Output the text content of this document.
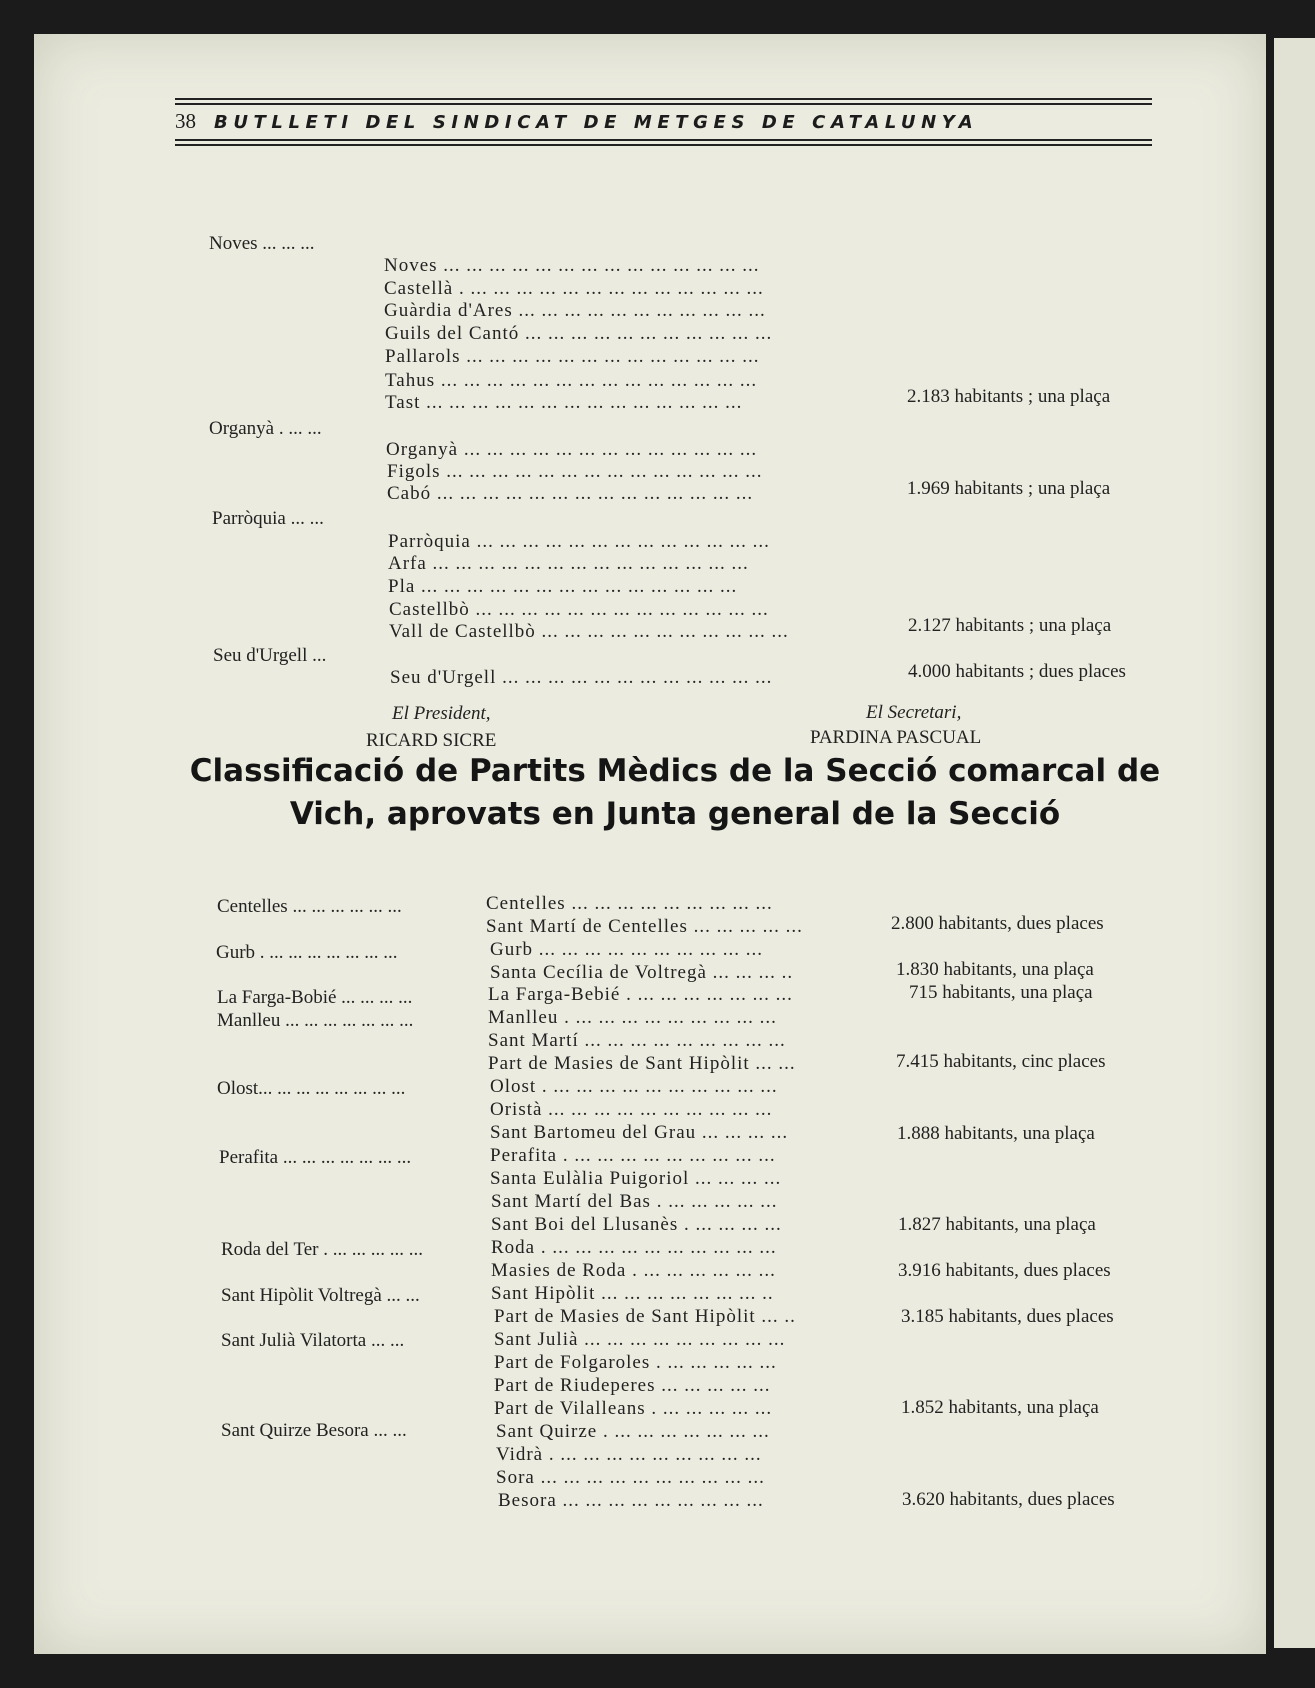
38 BUTLLETI DEL SINDICAT DE METGES DE CATALUNYA
Noves ... ... ...
Organyà . ... ...
Parròquia ... ...
Seu d'Urgell ...
Noves ... ... ... ... ... ... ... ... ... ... ... ... ... ...
Castellà . ... ... ... ... ... ... ... ... ... ... ... ... ...
Guàrdia d'Ares ... ... ... ... ... ... ... ... ... ... ...
Guils del Cantó ... ... ... ... ... ... ... ... ... ... ...
Pallarols ... ... ... ... ... ... ... ... ... ... ... ... ...
Tahus ... ... ... ... ... ... ... ... ... ... ... ... ... ...
Tast ... ... ... ... ... ... ... ... ... ... ... ... ... ...
Organyà ... ... ... ... ... ... ... ... ... ... ... ... ...
Figols ... ... ... ... ... ... ... ... ... ... ... ... ... ...
Cabó ... ... ... ... ... ... ... ... ... ... ... ... ... ...
Parròquia ... ... ... ... ... ... ... ... ... ... ... ... ...
Arfa ... ... ... ... ... ... ... ... ... ... ... ... ... ...
Pla ... ... ... ... ... ... ... ... ... ... ... ... ... ...
Castellbò ... ... ... ... ... ... ... ... ... ... ... ... ...
Vall de Castellbò ... ... ... ... ... ... ... ... ... ... ...
Seu d'Urgell ... ... ... ... ... ... ... ... ... ... ... ...
2.183 habitants ; una plaça
1.969 habitants ; una plaça
2.127 habitants ; una plaça
4.000 habitants ; dues places
El President,
RICARD SICRE
El Secretari,
PARDINA PASCUAL
Classificació de Partits Mèdics de la Secció comarcal de Vich, aprovats en Junta general de la Secció
Centelles ... ... ... ... ... ...
Gurb . ... ... ... ... ... ... ...
La Farga-Bobié ... ... ... ...
Manlleu ... ... ... ... ... ... ...
Olost... ... ... ... ... ... ... ...
Perafita ... ... ... ... ... ... ...
Roda del Ter . ... ... ... ... ...
Sant Hipòlit Voltregà ... ...
Sant Julià Vilatorta ... ...
Sant Quirze Besora ... ...
Centelles ... ... ... ... ... ... ... ... ...
Sant Martí de Centelles ... ... ... ... ...
Gurb ... ... ... ... ... ... ... ... ... ...
Santa Cecília de Voltregà ... ... ... ..
La Farga-Bebié . ... ... ... ... ... ... ...
Manlleu . ... ... ... ... ... ... ... ... ...
Sant Martí ... ... ... ... ... ... ... ... ...
Part de Masies de Sant Hipòlit ... ...
Olost . ... ... ... ... ... ... ... ... ... ...
Oristà ... ... ... ... ... ... ... ... ... ...
Sant Bartomeu del Grau ... ... ... ...
Perafita . ... ... ... ... ... ... ... ... ...
Santa Eulàlia Puigoriol ... ... ... ...
Sant Martí del Bas . ... ... ... ... ...
Sant Boi del Llusanès . ... ... ... ...
Roda . ... ... ... ... ... ... ... ... ... ...
Masies de Roda . ... ... ... ... ... ...
Sant Hipòlit ... ... ... ... ... ... ... ..
Part de Masies de Sant Hipòlit ... ..
Sant Julià ... ... ... ... ... ... ... ... ...
Part de Folgaroles . ... ... ... ... ...
Part de Riudeperes ... ... ... ... ...
Part de Vilalleans . ... ... ... ... ...
Sant Quirze . ... ... ... ... ... ... ...
Vidrà . ... ... ... ... ... ... ... ... ...
Sora ... ... ... ... ... ... ... ... ... ...
Besora ... ... ... ... ... ... ... ... ...
2.800 habitants, dues places
1.830 habitants, una plaça
715 habitants, una plaça
7.415 habitants, cinc places
1.888 habitants, una plaça
1.827 habitants, una plaça
3.916 habitants, dues places
3.185 habitants, dues places
1.852 habitants, una plaça
3.620 habitants, dues places
